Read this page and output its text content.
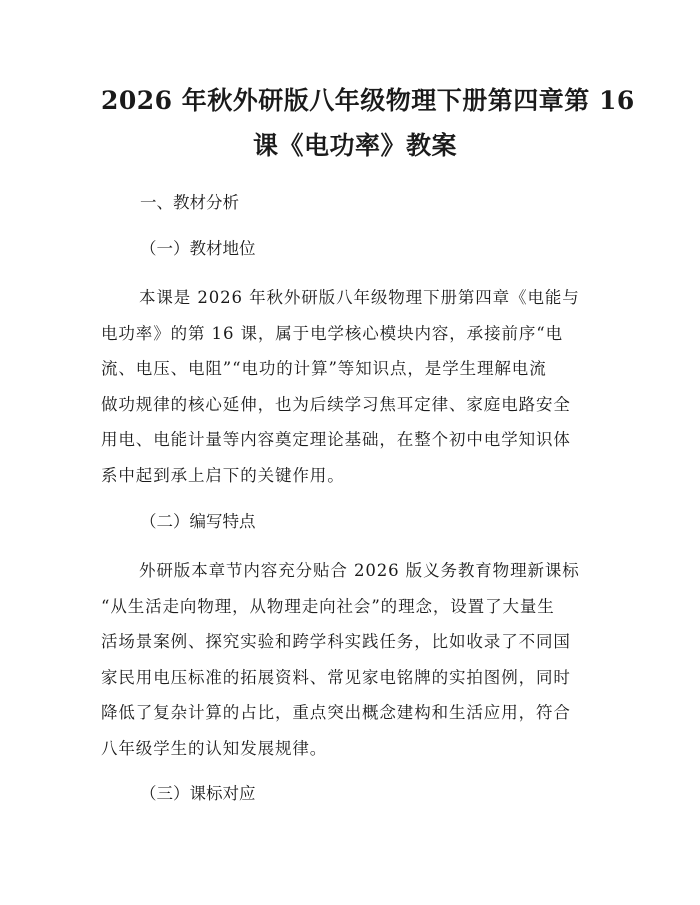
2026 年秋外研版八年级物理下册第四章第 16
课《电功率》教案

一、教材分析

（一）教材地位

本课是 2026 年秋外研版八年级物理下册第四章《电能与
电功率》的第 16 课，属于电学核心模块内容，承接前序“电
流、电压、电阻”“电功的计算”等知识点，是学生理解电流
做功规律的核心延伸，也为后续学习焦耳定律、家庭电路安全
用电、电能计量等内容奠定理论基础，在整个初中电学知识体
系中起到承上启下的关键作用。

（二）编写特点

外研版本章节内容充分贴合 2026 版义务教育物理新课标
“从生活走向物理，从物理走向社会”的理念，设置了大量生
活场景案例、探究实验和跨学科实践任务，比如收录了不同国
家民用电压标准的拓展资料、常见家电铭牌的实拍图例，同时
降低了复杂计算的占比，重点突出概念建构和生活应用，符合
八年级学生的认知发展规律。

（三）课标对应
